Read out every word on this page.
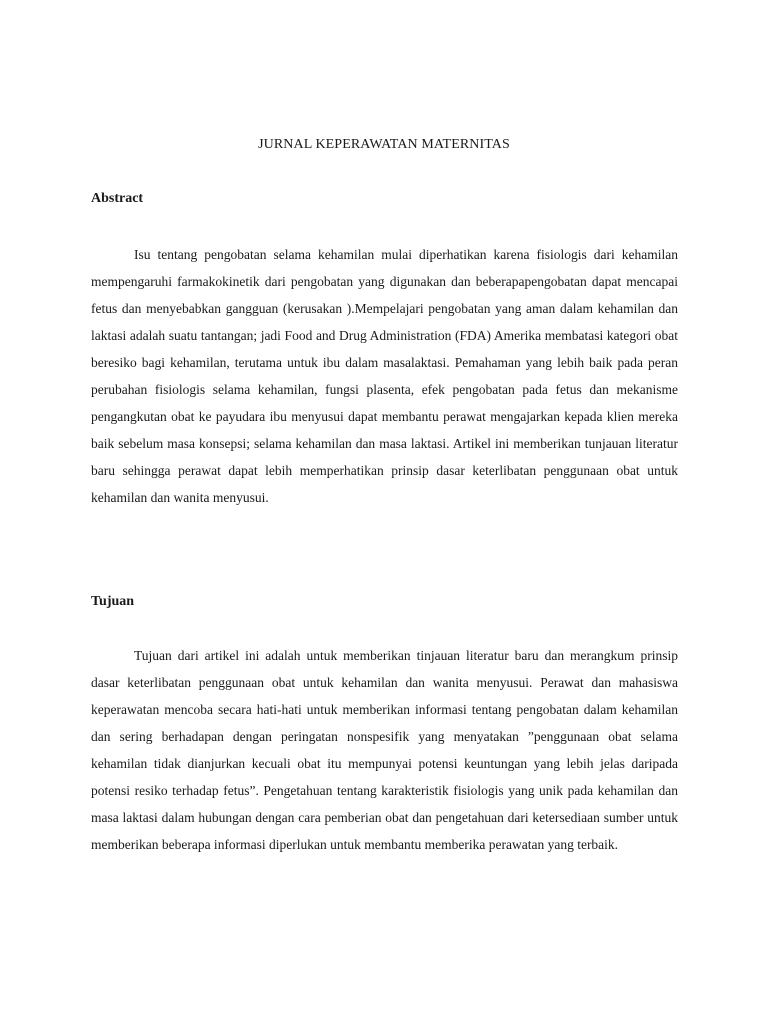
JURNAL KEPERAWATAN MATERNITAS
Abstract

Isu tentang pengobatan selama kehamilan mulai diperhatikan karena fisiologis dari kehamilan mempengaruhi farmakokinetik dari pengobatan yang digunakan dan beberapapengobatan dapat mencapai fetus dan menyebabkan gangguan (kerusakan ).Mempelajari pengobatan yang aman dalam kehamilan dan laktasi adalah suatu tantangan; jadi Food and Drug Administration (FDA) Amerika membatasi kategori obat beresiko bagi kehamilan, terutama untuk ibu dalam masalaktasi. Pemahaman yang lebih baik pada peran perubahan fisiologis selama kehamilan, fungsi plasenta, efek pengobatan pada fetus dan mekanisme pengangkutan obat ke payudara ibu menyusui dapat membantu perawat mengajarkan kepada klien mereka baik sebelum masa konsepsi; selama kehamilan dan masa laktasi. Artikel ini memberikan tunjauan literatur baru sehingga perawat dapat lebih memperhatikan prinsip dasar keterlibatan penggunaan obat untuk kehamilan dan wanita menyusui.

Tujuan

Tujuan dari artikel ini adalah untuk memberikan tinjauan literatur baru dan merangkum prinsip dasar keterlibatan penggunaan obat untuk kehamilan dan wanita menyusui. Perawat dan mahasiswa keperawatan mencoba secara hati-hati untuk memberikan informasi tentang pengobatan dalam kehamilan dan sering berhadapan dengan peringatan nonspesifik yang menyatakan ”penggunaan obat selama kehamilan tidak dianjurkan kecuali obat itu mempunyai potensi keuntungan yang lebih jelas daripada potensi resiko terhadap fetus”. Pengetahuan tentang karakteristik fisiologis yang unik pada kehamilan dan masa laktasi dalam hubungan dengan cara pemberian obat dan pengetahuan dari ketersediaan sumber untuk memberikan beberapa informasi diperlukan untuk membantu memberika perawatan yang terbaik.
